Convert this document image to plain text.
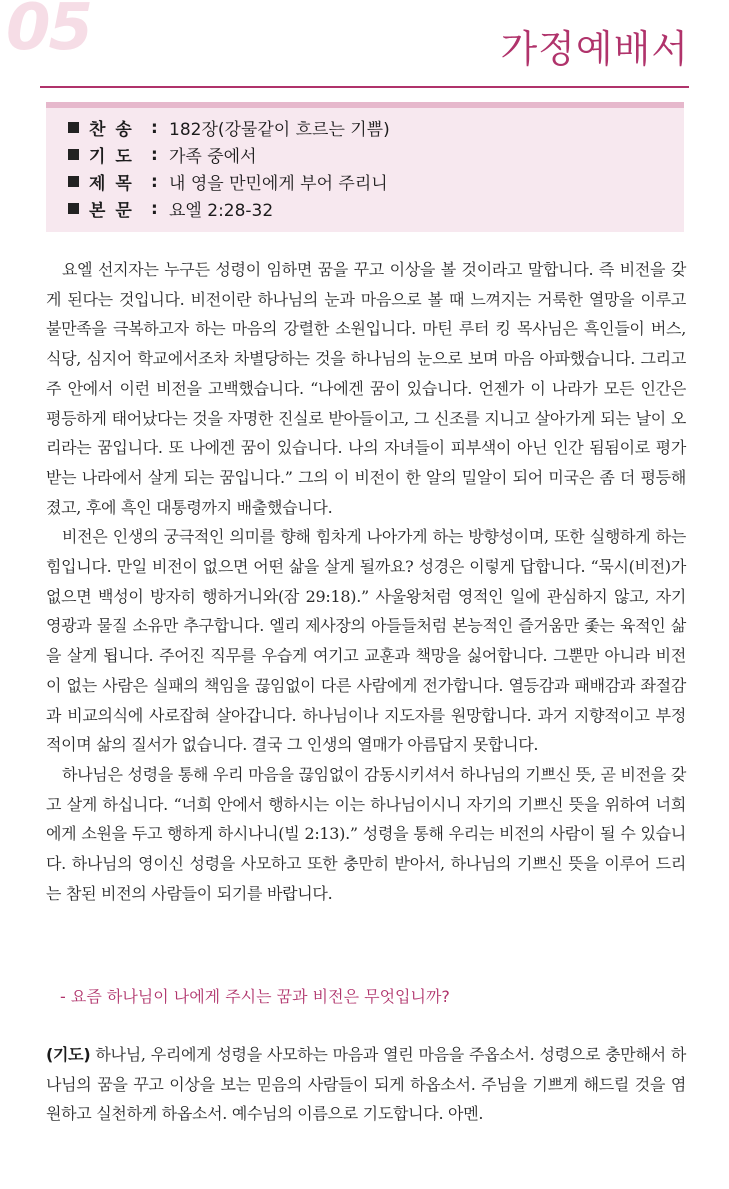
05	가정예배서
찬송 : 182장(강물같이 흐르는 기쁨)
기도 : 가족 중에서
제목 : 내 영을 만민에게 부어 주리니
본문 : 요엘 2:28-32

요엘 선지자는 누구든 성령이 임하면 꿈을 꾸고 이상을 볼 것이라고 말합니다. 즉 비전을 갖게 된다는 것입니다. 비전이란 하나님의 눈과 마음으로 볼 때 느껴지는 거룩한 열망을 이루고 불만족을 극복하고자 하는 마음의 강렬한 소원입니다. 마틴 루터 킹 목사님은 흑인들이 버스, 식당, 심지어 학교에서조차 차별당하는 것을 하나님의 눈으로 보며 마음 아파했습니다. 그리고 주 안에서 이런 비전을 고백했습니다. “나에겐 꿈이 있습니다. 언젠가 이 나라가 모든 인간은 평등하게 태어났다는 것을 자명한 진실로 받아들이고, 그 신조를 지니고 살아가게 되는 날이 오리라는 꿈입니다. 또 나에겐 꿈이 있습니다. 나의 자녀들이 피부색이 아닌 인간 됨됨이로 평가받는 나라에서 살게 되는 꿈입니다.” 그의 이 비전이 한 알의 밀알이 되어 미국은 좀 더 평등해졌고, 후에 흑인 대통령까지 배출했습니다.

비전은 인생의 궁극적인 의미를 향해 힘차게 나아가게 하는 방향성이며, 또한 실행하게 하는 힘입니다. 만일 비전이 없으면 어떤 삶을 살게 될까요? 성경은 이렇게 답합니다. “묵시(비전)가 없으면 백성이 방자히 행하거니와(잠 29:18).” 사울왕처럼 영적인 일에 관심하지 않고, 자기 영광과 물질 소유만 추구합니다. 엘리 제사장의 아들들처럼 본능적인 즐거움만 좇는 육적인 삶을 살게 됩니다. 주어진 직무를 우습게 여기고 교훈과 책망을 싫어합니다. 그뿐만 아니라 비전이 없는 사람은 실패의 책임을 끊임없이 다른 사람에게 전가합니다. 열등감과 패배감과 좌절감과 비교의식에 사로잡혀 살아갑니다. 하나님이나 지도자를 원망합니다. 과거 지향적이고 부정적이며 삶의 질서가 없습니다. 결국 그 인생의 열매가 아름답지 못합니다.

하나님은 성령을 통해 우리 마음을 끊임없이 감동시키셔서 하나님의 기쁘신 뜻, 곧 비전을 갖고 살게 하십니다. “너희 안에서 행하시는 이는 하나님이시니 자기의 기쁘신 뜻을 위하여 너희에게 소원을 두고 행하게 하시나니(빌 2:13).” 성령을 통해 우리는 비전의 사람이 될 수 있습니다. 하나님의 영이신 성령을 사모하고 또한 충만히 받아서, 하나님의 기쁘신 뜻을 이루어 드리는 참된 비전의 사람들이 되기를 바랍니다.

- 요즘 하나님이 나에게 주시는 꿈과 비전은 무엇입니까?
(기도) 하나님, 우리에게 성령을 사모하는 마음과 열린 마음을 주옵소서. 성령으로 충만해서 하나님의 꿈을 꾸고 이상을 보는 믿음의 사람들이 되게 하옵소서. 주님을 기쁘게 해드릴 것을 염원하고 실천하게 하옵소서. 예수님의 이름으로 기도합니다. 아멘.
